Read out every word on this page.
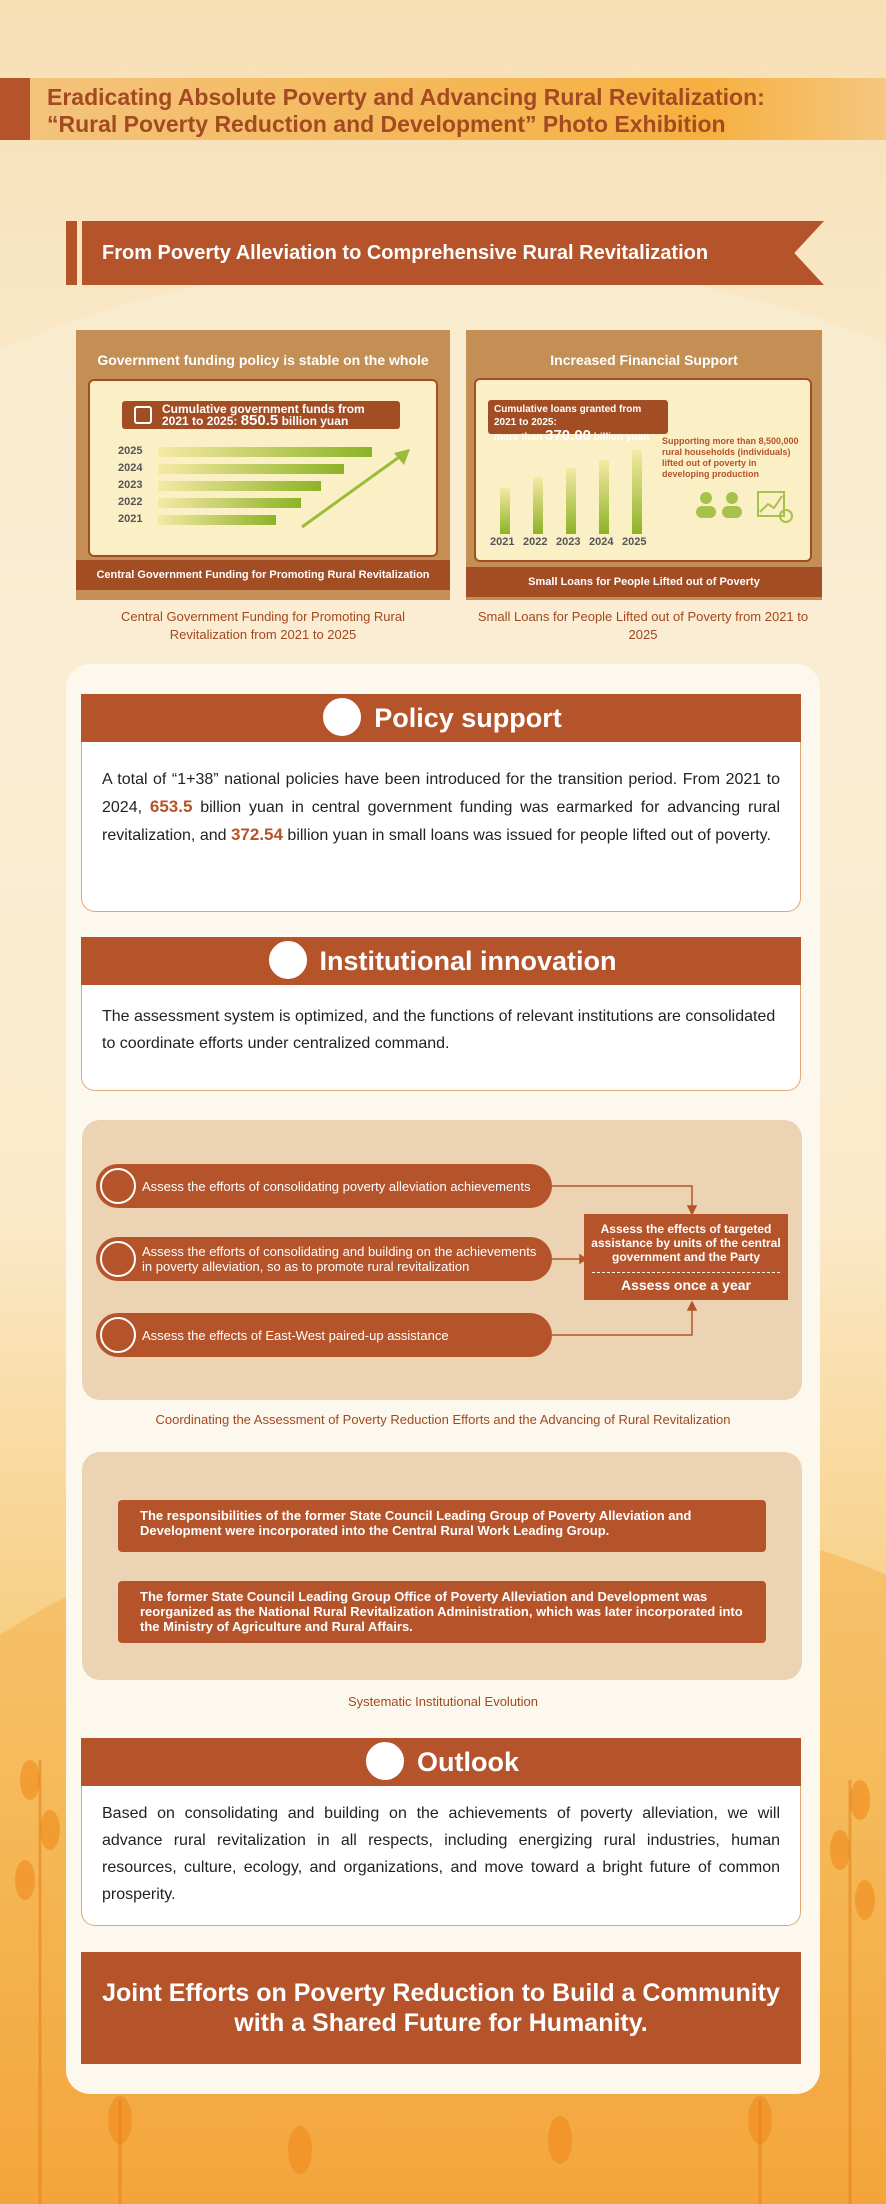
Eradicating Absolute Poverty and Advancing Rural Revitalization:
“Rural Poverty Reduction and Development” Photo Exhibition
From Poverty Alleviation to Comprehensive Rural Revitalization
Government funding policy is stable on the whole
Cumulative government funds from
2021 to 2025: 850.5 billion yuan
2025
2024
2023
2022
2021
Central Government Funding for Promoting Rural Revitalization
Central Government Funding for Promoting Rural Revitalization from 2021 to 2025
Increased Financial Support
Cumulative loans granted from 2021 to 2025:
more than 370.00 billion yuan
2021 2022 2023 2024 2025
Supporting more than 8,500,000 rural households (individuals) lifted out of poverty in developing production
Small Loans for People Lifted out of Poverty
Small Loans for People Lifted out of Poverty from 2021 to 2025
Policy support
A total of “1+38” national policies have been introduced for the transition period. From 2021 to 2024, 653.5 billion yuan in central government funding was earmarked for advancing rural revitalization, and 372.54 billion yuan in small loans was issued for people lifted out of poverty.
Institutional innovation
The assessment system is optimized, and the functions of relevant institutions are consolidated to coordinate efforts under centralized command.
Assess the efforts of consolidating poverty alleviation achievements
Assess the efforts of consolidating and building on the achievements in poverty alleviation, so as to promote rural revitalization
Assess the effects of East-West paired-up assistance
Assess the effects of targeted assistance by units of the central government and the Party
Assess once a year
Coordinating the Assessment of Poverty Reduction Efforts and the Advancing of Rural Revitalization
The responsibilities of the former State Council Leading Group of Poverty Alleviation and Development were incorporated into the Central Rural Work Leading Group.
The former State Council Leading Group Office of Poverty Alleviation and Development was reorganized as the National Rural Revitalization Administration, which was later incorporated into the Ministry of Agriculture and Rural Affairs.
Systematic Institutional Evolution
Outlook
Based on consolidating and building on the achievements of poverty alleviation, we will advance rural revitalization in all respects, including energizing rural industries, human resources, culture, ecology, and organizations, and move toward a bright future of common prosperity.
Joint Efforts on Poverty Reduction to Build a Community
with a Shared Future for Humanity.
